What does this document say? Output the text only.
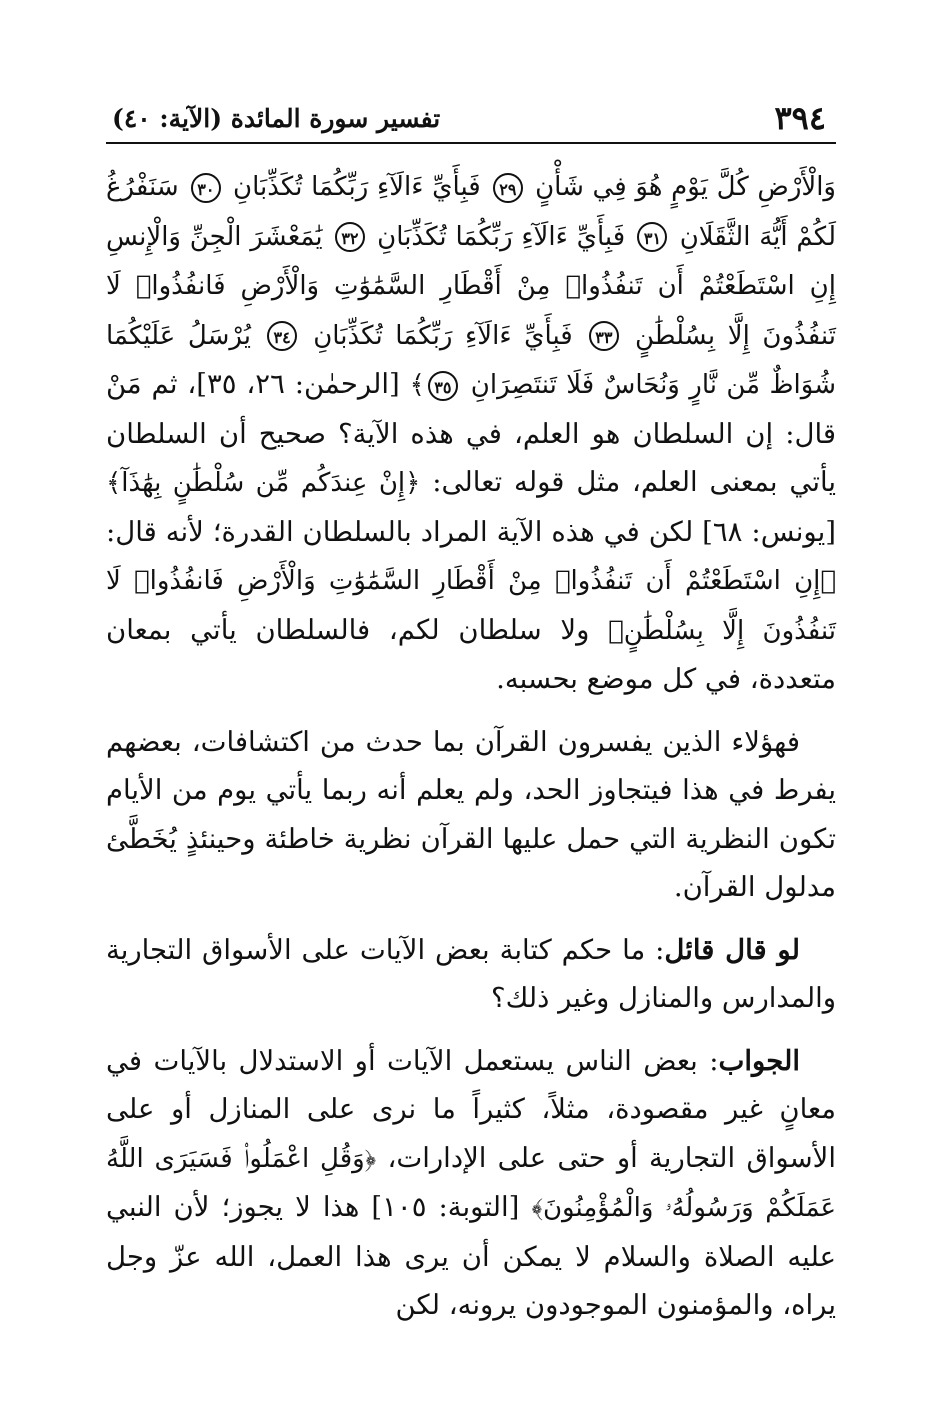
٣٩٤
تفسير سورة المائدة (الآية: ٤٠)

وَالْأَرْضِ كُلَّ يَوْمٍ هُوَ فِي شَأْنٍ ٢٩ فَبِأَيِّ ءَالَآءِ رَبِّكُمَا تُكَذِّبَانِ ٣٠ سَنَفْرُغُ لَكُمْ أَيُّهَ الثَّقَلَانِ ٣١ فَبِأَيِّ ءَالَآءِ رَبِّكُمَا تُكَذِّبَانِ ٣٢ يَٰمَعْشَرَ الْجِنِّ وَالْإِنسِ إِنِ اسْتَطَعْتُمْ أَن تَنفُذُوا۟ مِنْ أَقْطَارِ السَّمَٰوَٰتِ وَالْأَرْضِ فَانفُذُوا۟ لَا تَنفُذُونَ إِلَّا بِسُلْطَٰنٍ ٣٣ فَبِأَيِّ ءَالَآءِ رَبِّكُمَا تُكَذِّبَانِ ٣٤ يُرْسَلُ عَلَيْكُمَا شُوَاظٌ مِّن نَّارٍ وَنُحَاسٌ فَلَا تَنتَصِرَانِ ٣٥﴾ [الرحمٰن: ٢٦، ٣٥]، ثم مَنْ قال: إن السلطان هو العلم، في هذه الآية؟ صحيح أن السلطان يأتي بمعنى العلم، مثل قوله تعالى: ﴿إِنْ عِندَكُم مِّن سُلْطَٰنٍ بِهَٰذَآ﴾ [يونس: ٦٨] لكن في هذه الآية المراد بالسلطان القدرة؛ لأنه قال: ﴿إِنِ اسْتَطَعْتُمْ أَن تَنفُذُوا۟ مِنْ أَقْطَارِ السَّمَٰوَٰتِ وَالْأَرْضِ فَانفُذُوا۟ لَا تَنفُذُونَ إِلَّا بِسُلْطَٰنٍ﴾ ولا سلطان لكم، فالسلطان يأتي بمعان متعددة، في كل موضع بحسبه.

فهؤلاء الذين يفسرون القرآن بما حدث من اكتشافات، بعضهم يفرط في هذا فيتجاوز الحد، ولم يعلم أنه ربما يأتي يوم من الأيام تكون النظرية التي حمل عليها القرآن نظرية خاطئة وحينئذٍ يُخَطَّئ مدلول القرآن.

لو قال قائل: ما حكم كتابة بعض الآيات على الأسواق التجارية والمدارس والمنازل وغير ذلك؟

الجواب: بعض الناس يستعمل الآيات أو الاستدلال بالآيات في معانٍ غير مقصودة، مثلاً، كثيراً ما نرى على المنازل أو على الأسواق التجارية أو حتى على الإدارات، ﴿وَقُلِ اعْمَلُوا۟ فَسَيَرَى اللَّهُ عَمَلَكُمْ وَرَسُولُهُۥ وَالْمُؤْمِنُونَ﴾ [التوبة: ١٠٥] هذا لا يجوز؛ لأن النبي عليه الصلاة والسلام لا يمكن أن يرى هذا العمل، الله عزّ وجل يراه، والمؤمنون الموجودون يرونه، لكن
